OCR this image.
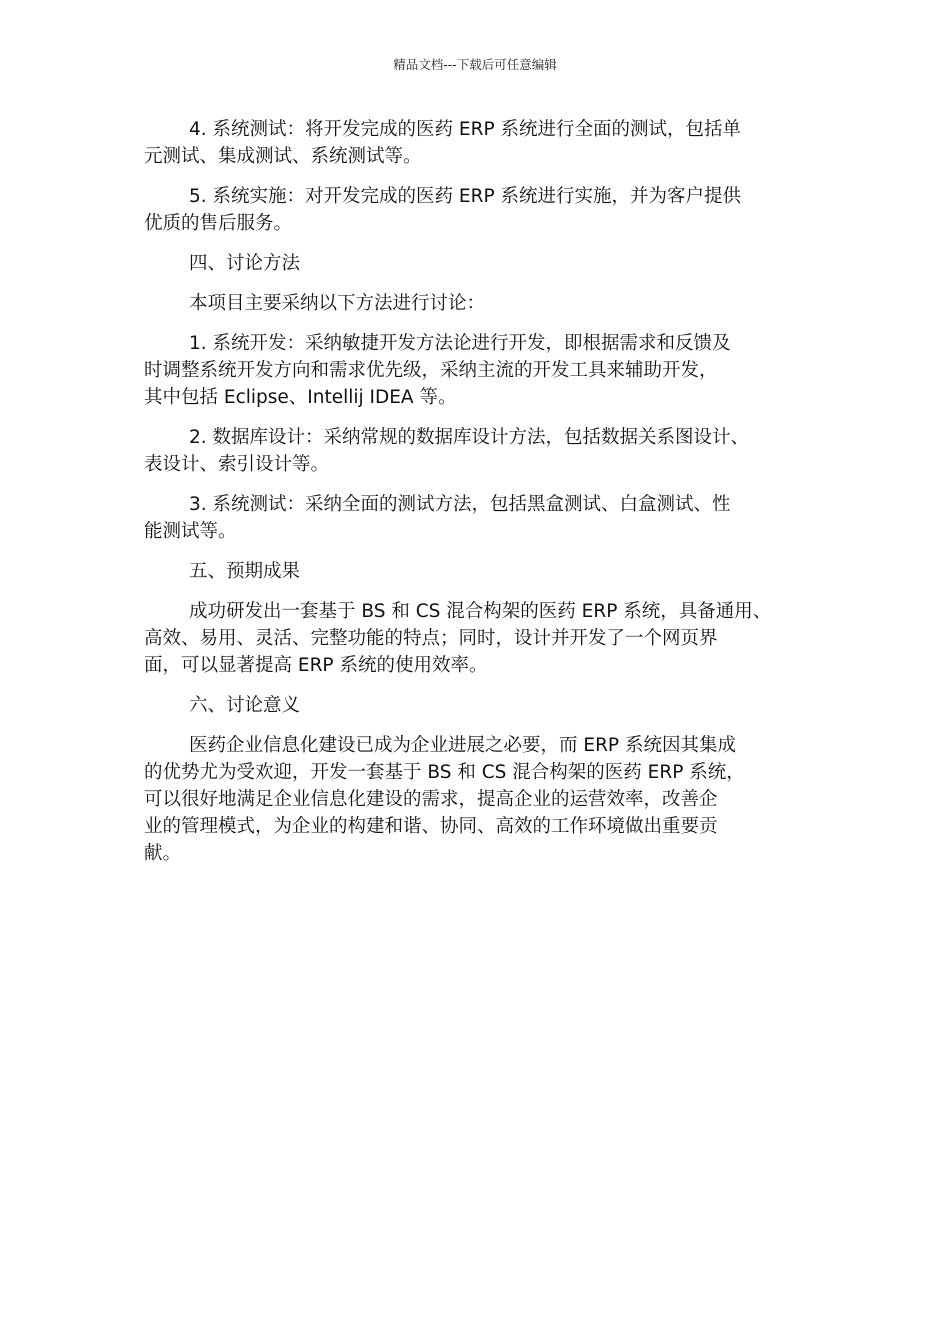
精品文档---下载后可任意编辑

4. 系统测试：将开发完成的医药 ERP 系统进行全面的测试，包括单
元测试、集成测试、系统测试等。

5. 系统实施：对开发完成的医药 ERP 系统进行实施，并为客户提供
优质的售后服务。

四、讨论方法

本项目主要采纳以下方法进行讨论：

1. 系统开发：采纳敏捷开发方法论进行开发，即根据需求和反馈及
时调整系统开发方向和需求优先级，采纳主流的开发工具来辅助开发，
其中包括 Eclipse、Intellij IDEA 等。

2. 数据库设计：采纳常规的数据库设计方法，包括数据关系图设计、
表设计、索引设计等。

3. 系统测试：采纳全面的测试方法，包括黑盒测试、白盒测试、性
能测试等。

五、预期成果

成功研发出一套基于 BS 和 CS 混合构架的医药 ERP 系统，具备通用、
高效、易用、灵活、完整功能的特点；同时，设计并开发了一个网页界
面，可以显著提高 ERP 系统的使用效率。

六、讨论意义

医药企业信息化建设已成为企业进展之必要，而 ERP 系统因其集成
的优势尤为受欢迎，开发一套基于 BS 和 CS 混合构架的医药 ERP 系统，
可以很好地满足企业信息化建设的需求，提高企业的运营效率，改善企
业的管理模式，为企业的构建和谐、协同、高效的工作环境做出重要贡
献。
